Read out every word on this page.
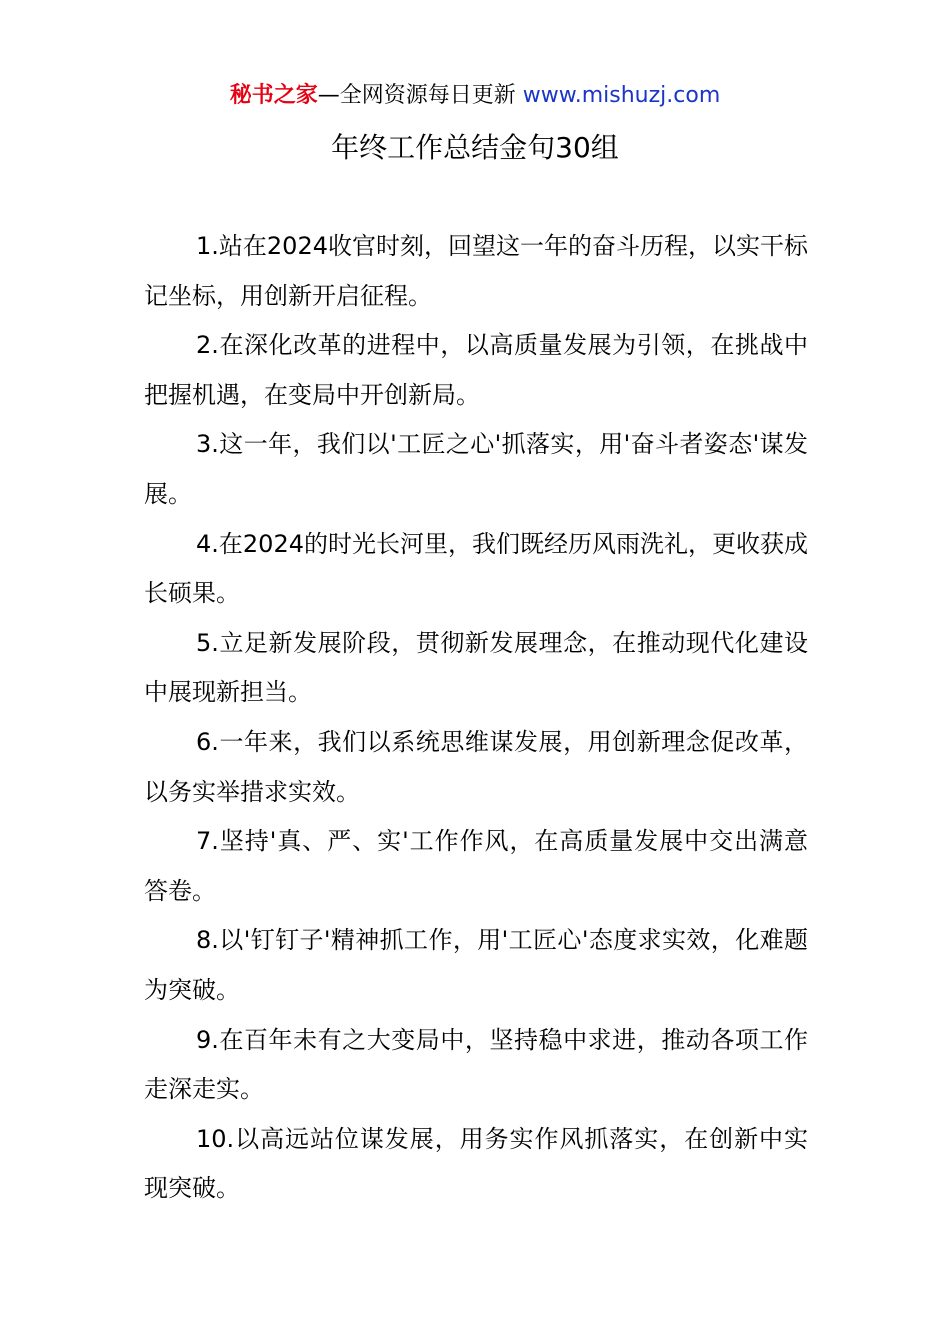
秘书之家—全网资源每日更新 www.mishuzj.com
年终工作总结金句30组

1.站在2024收官时刻，回望这一年的奋斗历程，以实干标记坐标，用创新开启征程。

2.在深化改革的进程中，以高质量发展为引领，在挑战中把握机遇，在变局中开创新局。

3.这一年，我们以'工匠之心'抓落实，用'奋斗者姿态'谋发展。

4.在2024的时光长河里，我们既经历风雨洗礼，更收获成长硕果。

5.立足新发展阶段，贯彻新发展理念，在推动现代化建设中展现新担当。

6.一年来，我们以系统思维谋发展，用创新理念促改革，以务实举措求实效。

7.坚持'真、严、实'工作作风，在高质量发展中交出满意答卷。

8.以'钉钉子'精神抓工作，用'工匠心'态度求实效，化难题为突破。

9.在百年未有之大变局中，坚持稳中求进，推动各项工作走深走实。

10.以高远站位谋发展，用务实作风抓落实，在创新中实现突破。
